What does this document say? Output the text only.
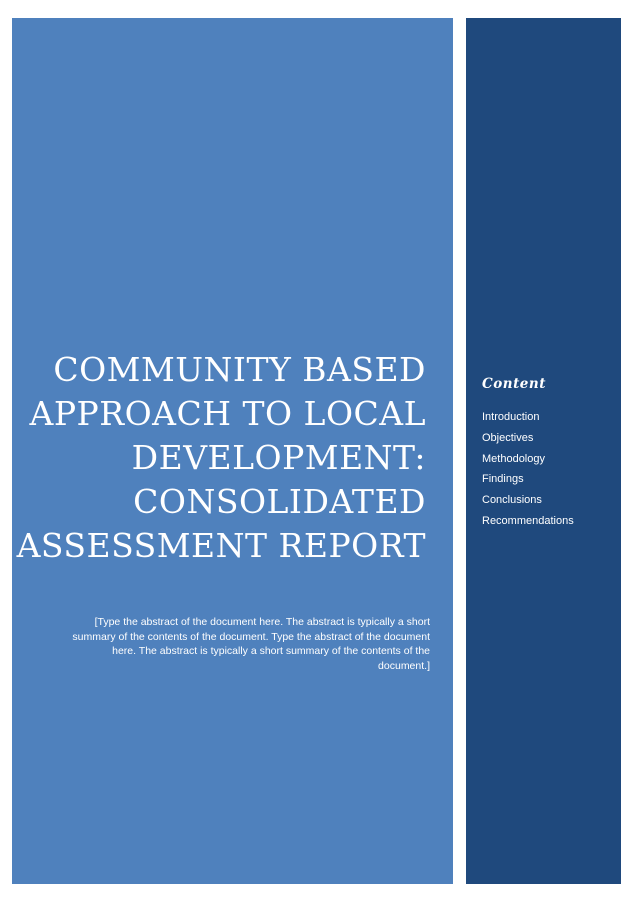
COMMUNITY BASED
APPROACH TO LOCAL
DEVELOPMENT:
CONSOLIDATED
ASSESSMENT REPORT
[Type the abstract of the document here. The abstract is typically a short summary of the contents of the document. Type the abstract of the document here. The abstract is typically a short summary of the contents of the document.]
Content
Introduction
Objectives
Methodology
Findings
Conclusions
Recommendations
